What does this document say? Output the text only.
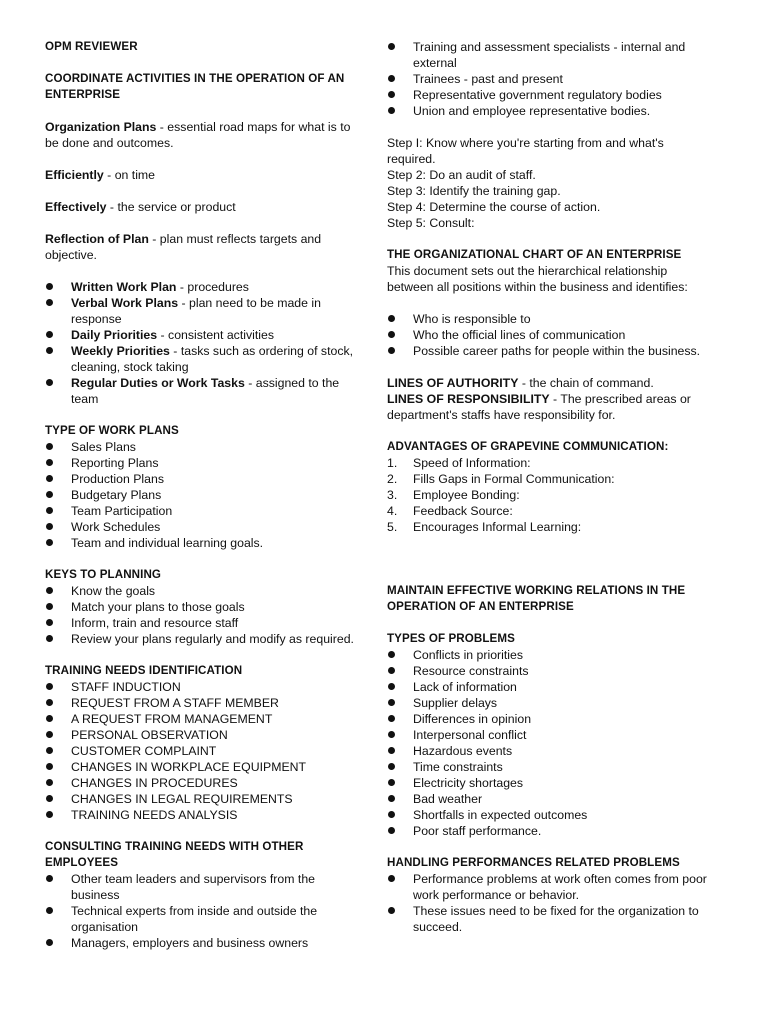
OPM REVIEWER
COORDINATE ACTIVITIES IN THE OPERATION OF AN ENTERPRISE
Organization Plans - essential road maps for what is to be done and outcomes.
Efficiently - on time
Effectively - the service or product
Reflection of Plan - plan must reflects targets and objective.
Written Work Plan - procedures
Verbal Work Plans - plan need to be made in response
Daily Priorities - consistent activities
Weekly Priorities - tasks such as ordering of stock, cleaning, stock taking
Regular Duties or Work Tasks - assigned to the team
TYPE OF WORK PLANS
Sales Plans
Reporting Plans
Production Plans
Budgetary Plans
Team Participation
Work Schedules
Team and individual learning goals.
KEYS TO PLANNING
Know the goals
Match your plans to those goals
Inform, train and resource staff
Review your plans regularly and modify as required.
TRAINING NEEDS IDENTIFICATION
STAFF INDUCTION
REQUEST FROM A STAFF MEMBER
A REQUEST FROM MANAGEMENT
PERSONAL OBSERVATION
CUSTOMER COMPLAINT
CHANGES IN WORKPLACE EQUIPMENT
CHANGES IN PROCEDURES
CHANGES IN LEGAL REQUIREMENTS
TRAINING NEEDS ANALYSIS
CONSULTING TRAINING NEEDS WITH OTHER EMPLOYEES
Other team leaders and supervisors from the business
Technical experts from inside and outside the organisation
Managers, employers and business owners
Training and assessment specialists - internal and external
Trainees - past and present
Representative government regulatory bodies
Union and employee representative bodies.
Step I: Know where you're starting from and what's required.
Step 2: Do an audit of staff.
Step 3: Identify the training gap.
Step 4: Determine the course of action.
Step 5: Consult:
THE ORGANIZATIONAL CHART OF AN ENTERPRISE
This document sets out the hierarchical relationship between all positions within the business and identifies:
Who is responsible to
Who the official lines of communication
Possible career paths for people within the business.
LINES OF AUTHORITY - the chain of command.
LINES OF RESPONSIBILITY - The prescribed areas or department's staffs have responsibility for.
ADVANTAGES OF GRAPEVINE COMMUNICATION:
1. Speed of Information:
2. Fills Gaps in Formal Communication:
3. Employee Bonding:
4. Feedback Source:
5. Encourages Informal Learning:
MAINTAIN EFFECTIVE WORKING RELATIONS IN THE OPERATION OF AN ENTERPRISE
TYPES OF PROBLEMS
Conflicts in priorities
Resource constraints
Lack of information
Supplier delays
Differences in opinion
Interpersonal conflict
Hazardous events
Time constraints
Electricity shortages
Bad weather
Shortfalls in expected outcomes
Poor staff performance.
HANDLING PERFORMANCES RELATED PROBLEMS
Performance problems at work often comes from poor work performance or behavior.
These issues need to be fixed for the organization to succeed.
